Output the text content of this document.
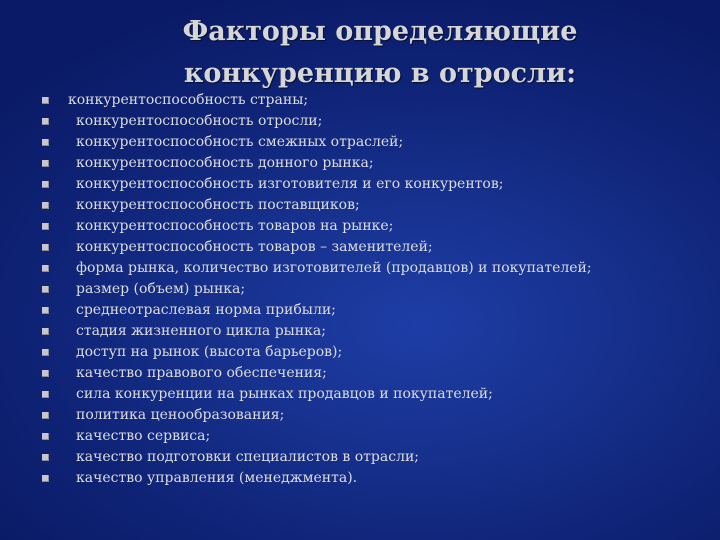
Факторы определяющие конкуренцию в отросли:
конкурентоспособность страны;
конкурентоспособность отросли;
конкурентоспособность смежных отраслей;
конкурентоспособность донного рынка;
конкурентоспособность изготовителя и его конкурентов;
конкурентоспособность поставщиков;
конкурентоспособность товаров на рынке;
конкурентоспособность товаров – заменителей;
форма рынка, количество изготовителей (продавцов) и покупателей;
размер (объем) рынка;
среднеотраслевая норма прибыли;
стадия жизненного цикла рынка;
доступ на рынок (высота барьеров);
качество правового обеспечения;
сила конкуренции на рынках продавцов и покупателей;
политика ценообразования;
качество сервиса;
качество подготовки специалистов в отрасли;
качество управления (менеджмента).
